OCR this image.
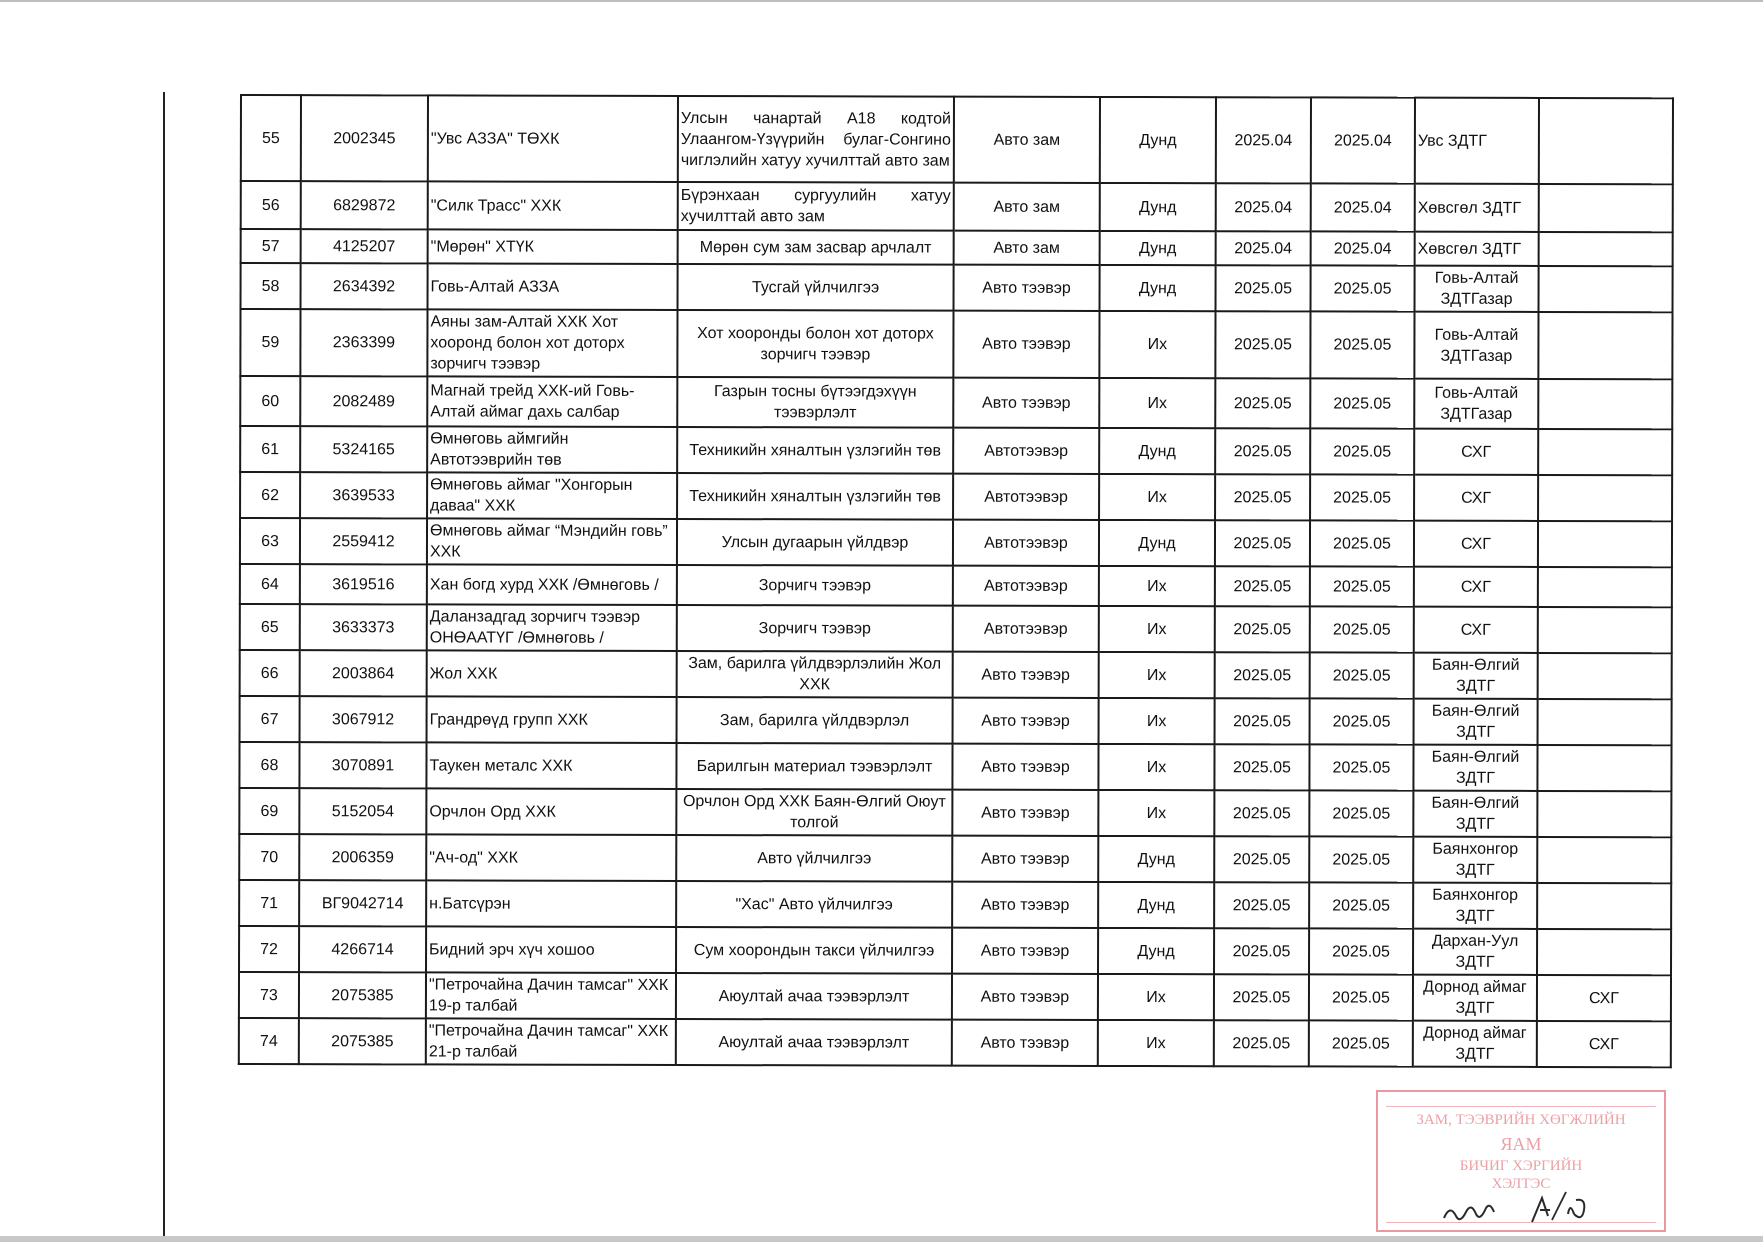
55	2002345	"Увс АЗЗА" ТӨХК	Улсын чанартай А18 кодтой Улаангом-Үзүүрийн булаг-Сонгино чиглэлийн хатуу хучилттай авто зам	Авто зам	Дунд	2025.04	2025.04	Увс ЗДТГ	
56	6829872	"Силк Трасс" ХХК	Бүрэнхаан сургуулийн хатуу хучилттай авто зам	Авто зам	Дунд	2025.04	2025.04	Хөвсгөл ЗДТГ	
57	4125207	"Мөрөн" ХТҮК	Мөрөн сум зам засвар арчлалт	Авто зам	Дунд	2025.04	2025.04	Хөвсгөл ЗДТГ	
58	2634392	Говь-Алтай АЗЗА	Тусгай үйлчилгээ	Авто тээвэр	Дунд	2025.05	2025.05	Говь-Алтай ЗДТГазар	
59	2363399	Аяны зам-Алтай ХХК Хот хооронд болон хот доторх зорчигч тээвэр	Хот хооронды болон хот доторх зорчигч тээвэр	Авто тээвэр	Их	2025.05	2025.05	Говь-Алтай ЗДТГазар	
60	2082489	Магнай трейд ХХК-ий Говь-Алтай аймаг дахь салбар	Газрын тосны бүтээгдэхүүн тээвэрлэлт	Авто тээвэр	Их	2025.05	2025.05	Говь-Алтай ЗДТГазар	
61	5324165	Өмнөговь аймгийн Автотээврийн төв	Техникийн хяналтын үзлэгийн төв	Автотээвэр	Дунд	2025.05	2025.05	СХГ	
62	3639533	Өмнөговь аймаг "Хонгорын даваа" ХХК	Техникийн хяналтын үзлэгийн төв	Автотээвэр	Их	2025.05	2025.05	СХГ	
63	2559412	Өмнөговь аймаг “Мэндийн говь” ХХК	Улсын дугаарын үйлдвэр	Автотээвэр	Дунд	2025.05	2025.05	СХГ	
64	3619516	Хан богд хурд ХХК /Өмнөговь /	Зорчигч тээвэр	Автотээвэр	Их	2025.05	2025.05	СХГ	
65	3633373	Даланзадгад зорчигч тээвэр ОНӨААТҮГ /Өмнөговь /	Зорчигч тээвэр	Автотээвэр	Их	2025.05	2025.05	СХГ	
66	2003864	Жол ХХК	Зам, барилга үйлдвэрлэлийн Жол ХХК	Авто тээвэр	Их	2025.05	2025.05	Баян-Өлгий ЗДТГ	
67	3067912	Грандрөүд групп ХХК	Зам, барилга үйлдвэрлэл	Авто тээвэр	Их	2025.05	2025.05	Баян-Өлгий ЗДТГ	
68	3070891	Таукен металс ХХК	Барилгын материал тээвэрлэлт	Авто тээвэр	Их	2025.05	2025.05	Баян-Өлгий ЗДТГ	
69	5152054	Орчлон Орд ХХК	Орчлон Орд ХХК Баян-Өлгий Оюут толгой	Авто тээвэр	Их	2025.05	2025.05	Баян-Өлгий ЗДТГ	
70	2006359	"Ач-од" ХХК	Авто үйлчилгээ	Авто тээвэр	Дунд	2025.05	2025.05	Баянхонгор ЗДТГ	
71	ВГ9042714	н.Батсүрэн	"Хас" Авто үйлчилгээ	Авто тээвэр	Дунд	2025.05	2025.05	Баянхонгор ЗДТГ	
72	4266714	Бидний эрч хүч хошоо	Сум хоорондын такси үйлчилгээ	Авто тээвэр	Дунд	2025.05	2025.05	Дархан-Уул ЗДТГ	
73	2075385	"Петрочайна Дачин тамсаг" ХХК 19-р талбай	Аюултай ачаа тээвэрлэлт	Авто тээвэр	Их	2025.05	2025.05	Дорнод аймаг ЗДТГ	СХГ
74	2075385	"Петрочайна Дачин тамсаг" ХХК 21-р талбай	Аюултай ачаа тээвэрлэлт	Авто тээвэр	Их	2025.05	2025.05	Дорнод аймаг ЗДТГ	СХГ
ЗАМ, ТЭЭВРИЙН ХӨГЖЛИЙН
ЯАМ
БИЧИГ ХЭРГИЙН
ХЭЛТЭС
